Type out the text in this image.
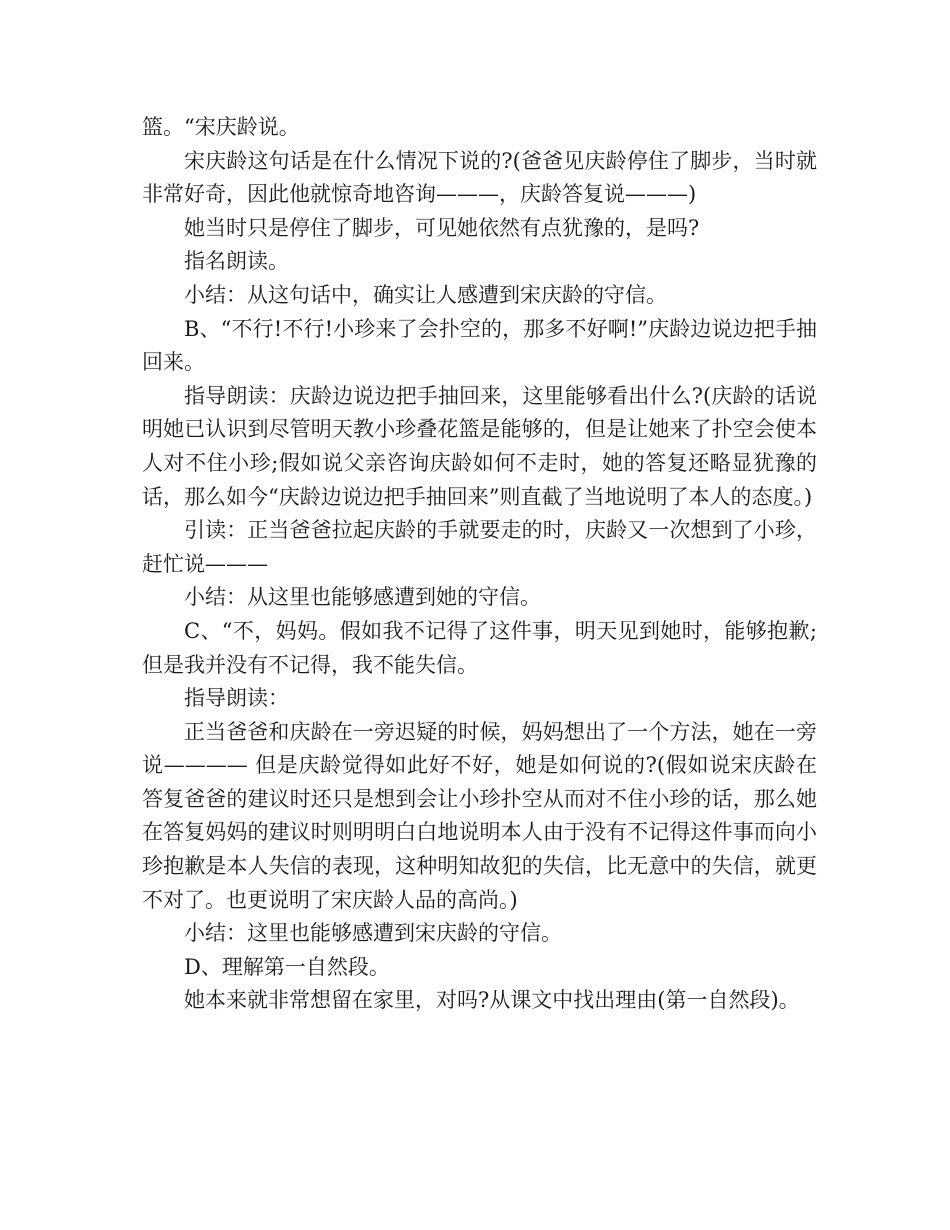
篮。“宋庆龄说。

宋庆龄这句话是在什么情况下说的?(爸爸见庆龄停住了脚步，当时就非常好奇，因此他就惊奇地咨询———，庆龄答复说———)

她当时只是停住了脚步，可见她依然有点犹豫的，是吗?

指名朗读。

小结：从这句话中，确实让人感遭到宋庆龄的守信。

B、“不行!不行!小珍来了会扑空的，那多不好啊!”庆龄边说边把手抽回来。

指导朗读：庆龄边说边把手抽回来，这里能够看出什么?(庆龄的话说明她已认识到尽管明天教小珍叠花篮是能够的，但是让她来了扑空会使本人对不住小珍;假如说父亲咨询庆龄如何不走时，她的答复还略显犹豫的话，那么如今“庆龄边说边把手抽回来”则直截了当地说明了本人的态度。)

引读：正当爸爸拉起庆龄的手就要走的时，庆龄又一次想到了小珍，赶忙说———

小结：从这里也能够感遭到她的守信。

C、“不，妈妈。假如我不记得了这件事，明天见到她时，能够抱歉;但是我并没有不记得，我不能失信。

指导朗读：

正当爸爸和庆龄在一旁迟疑的时候，妈妈想出了一个方法，她在一旁说———— 但是庆龄觉得如此好不好，她是如何说的?(假如说宋庆龄在答复爸爸的建议时还只是想到会让小珍扑空从而对不住小珍的话，那么她在答复妈妈的建议时则明明白白地说明本人由于没有不记得这件事而向小珍抱歉是本人失信的表现，这种明知故犯的失信，比无意中的失信，就更不对了。也更说明了宋庆龄人品的高尚。)

小结：这里也能够感遭到宋庆龄的守信。

D、理解第一自然段。

她本来就非常想留在家里，对吗?从课文中找出理由(第一自然段)。
